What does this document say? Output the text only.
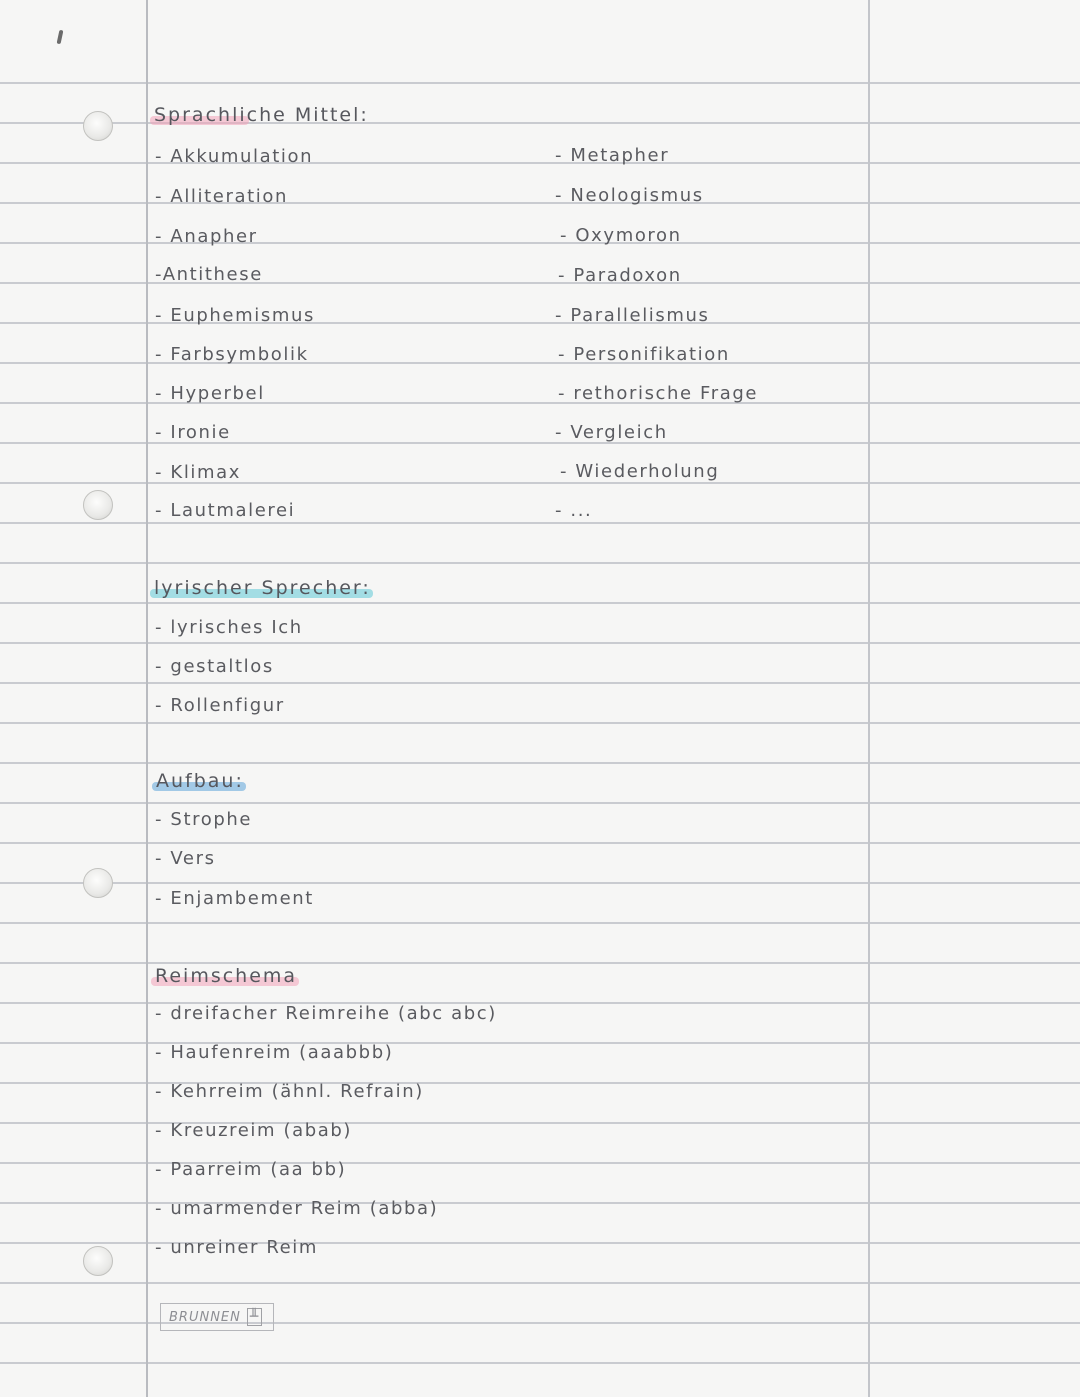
Sprachliche Mittel:
- Akkumulation
- Alliteration
- Anapher
-Antithese
- Euphemismus
- Farbsymbolik
- Hyperbel
- Ironie
- Klimax
- Lautmalerei
- Metapher
- Neologismus
- Oxymoron
- Paradoxon
- Parallelismus
- Personifikation
- rethorische Frage
- Vergleich
- Wiederholung
- ...
lyrischer Sprecher:
- lyrisches Ich
- gestaltlos
- Rollenfigur
Aufbau:
- Strophe
- Vers
- Enjambement
Reimschema
- dreifacher Reimreihe (abc abc)
- Haufenreim (aaabbb)
- Kehrreim (ähnl. Refrain)
- Kreuzreim (abab)
- Paarreim (aa bb)
- umarmender Reim (abba)
- unreiner Reim
BRUNNEN ╨
